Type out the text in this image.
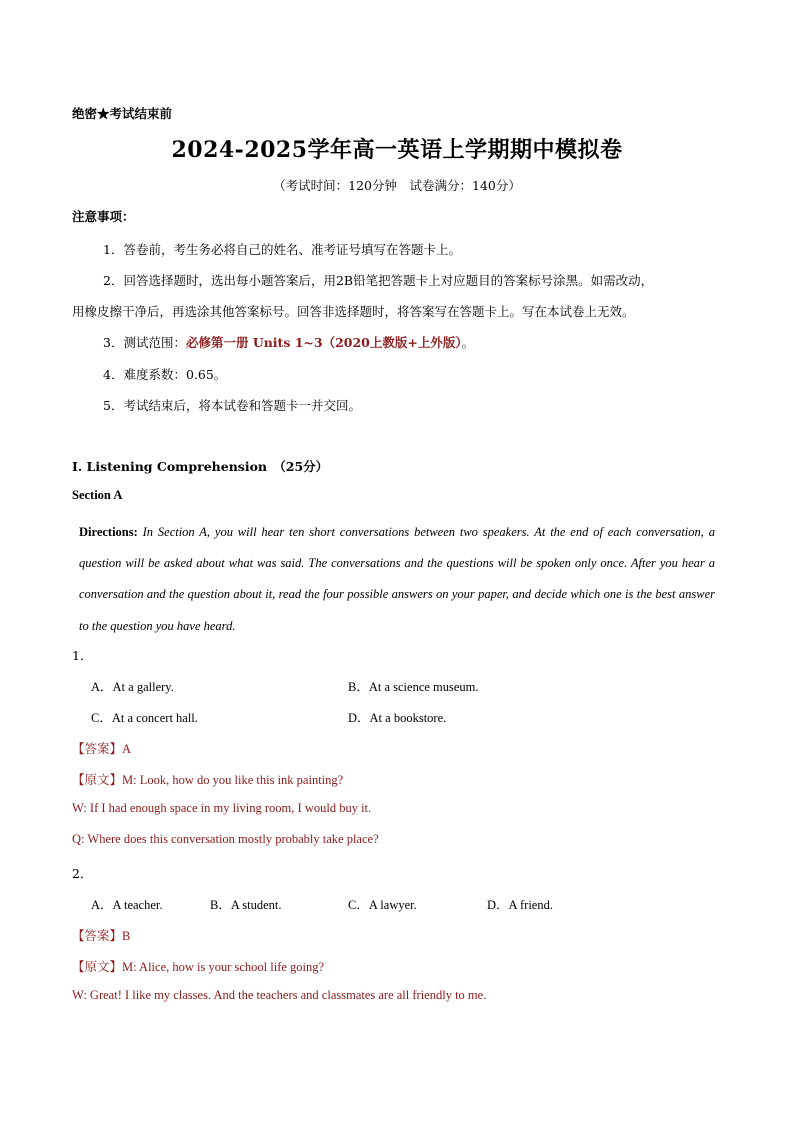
绝密★考试结束前
2024-2025学年高一英语上学期期中模拟卷
（考试时间：120分钟　试卷满分：140分）
注意事项：
1．答卷前，考生务必将自己的姓名、准考证号填写在答题卡上。
2．回答选择题时，选出每小题答案后，用2B铅笔把答题卡上对应题目的答案标号涂黑。如需改动，
用橡皮擦干净后，再选涂其他答案标号。回答非选择题时，将答案写在答题卡上。写在本试卷上无效。
3．测试范围：必修第一册 Units 1~3（2020上教版+上外版）。
4．难度系数：0.65。
5．考试结束后，将本试卷和答题卡一并交回。
I. Listening Comprehension　（25分）
Section A
Directions: In Section A, you will hear ten short conversations between two speakers. At the end of each conversation, a question will be asked about what was said. The conversations and the questions will be spoken only once. After you hear a conversation and the question about it, read the four possible answers on your paper, and decide which one is the best answer to the question you have heard.
1．
A．At a gallery.	B．At a science museum.
C．At a concert hall.	D．At a bookstore.
【答案】A
【原文】M: Look, how do you like this ink painting?
W: If I had enough space in my living room, I would buy it.
Q: Where does this conversation mostly probably take place?
2．
A．A teacher.	B．A student.	C．A lawyer.	D．A friend.
【答案】B
【原文】M: Alice, how is your school life going?
W: Great! I like my classes. And the teachers and classmates are all friendly to me.
